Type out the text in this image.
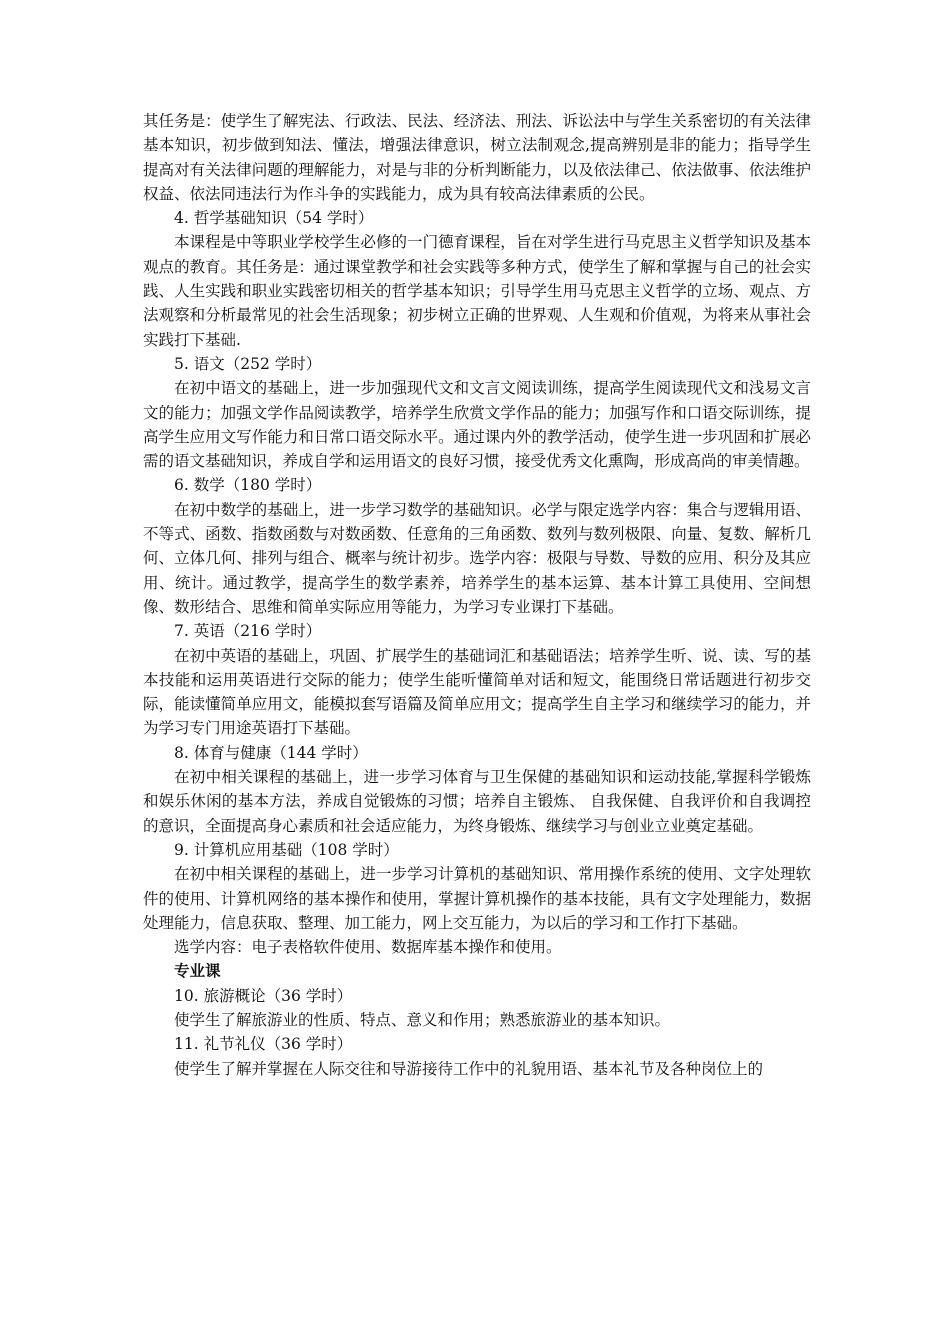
其任务是：使学生了解宪法、行政法、民法、经济法、刑法、诉讼法中与学生关系密切的有关法律基本知识，初步做到知法、懂法，增强法律意识，树立法制观念,提高辨别是非的能力；指导学生提高对有关法律问题的理解能力，对是与非的分析判断能力，以及依法律己、依法做事、依法维护权益、依法同违法行为作斗争的实践能力，成为具有较高法律素质的公民。

4. 哲学基础知识（54 学时）

本课程是中等职业学校学生必修的一门德育课程，旨在对学生进行马克思主义哲学知识及基本观点的教育。其任务是：通过课堂教学和社会实践等多种方式，使学生了解和掌握与自己的社会实践、人生实践和职业实践密切相关的哲学基本知识；引导学生用马克思主义哲学的立场、观点、方法观察和分析最常见的社会生活现象；初步树立正确的世界观、人生观和价值观，为将来从事社会实践打下基础.

5. 语文（252 学时）

在初中语文的基础上，进一步加强现代文和文言文阅读训练，提高学生阅读现代文和浅易文言文的能力；加强文学作品阅读教学，培养学生欣赏文学作品的能力；加强写作和口语交际训练，提高学生应用文写作能力和日常口语交际水平。通过课内外的教学活动，使学生进一步巩固和扩展必需的语文基础知识，养成自学和运用语文的良好习惯，接受优秀文化熏陶，形成高尚的审美情趣。

6. 数学（180 学时）

在初中数学的基础上，进一步学习数学的基础知识。必学与限定选学内容：集合与逻辑用语、不等式、函数、指数函数与对数函数、任意角的三角函数、数列与数列极限、向量、复数、解析几何、立体几何、排列与组合、概率与统计初步。选学内容：极限与导数、导数的应用、积分及其应用、统计。通过教学，提高学生的数学素养，培养学生的基本运算、基本计算工具使用、空间想像、数形结合、思维和简单实际应用等能力，为学习专业课打下基础。

7. 英语（216 学时）

在初中英语的基础上，巩固、扩展学生的基础词汇和基础语法；培养学生听、说、读、写的基本技能和运用英语进行交际的能力；使学生能听懂简单对话和短文，能围绕日常话题进行初步交际，能读懂简单应用文，能模拟套写语篇及简单应用文；提高学生自主学习和继续学习的能力，并为学习专门用途英语打下基础。

8. 体育与健康（144 学时）

在初中相关课程的基础上，进一步学习体育与卫生保健的基础知识和运动技能,掌握科学锻炼和娱乐休闲的基本方法，养成自觉锻炼的习惯；培养自主锻炼、 自我保健、自我评价和自我调控的意识，全面提高身心素质和社会适应能力，为终身锻炼、继续学习与创业立业奠定基础。

9. 计算机应用基础（108 学时）

在初中相关课程的基础上，进一步学习计算机的基础知识、常用操作系统的使用、文字处理软件的使用、计算机网络的基本操作和使用，掌握计算机操作的基本技能，具有文字处理能力，数据处理能力，信息获取、整理、加工能力，网上交互能力，为以后的学习和工作打下基础。

选学内容：电子表格软件使用、数据库基本操作和使用。

专业课

10. 旅游概论（36 学时）

使学生了解旅游业的性质、特点、意义和作用；熟悉旅游业的基本知识。

11. 礼节礼仪（36 学时）

使学生了解并掌握在人际交往和导游接待工作中的礼貌用语、基本礼节及各种岗位上的
